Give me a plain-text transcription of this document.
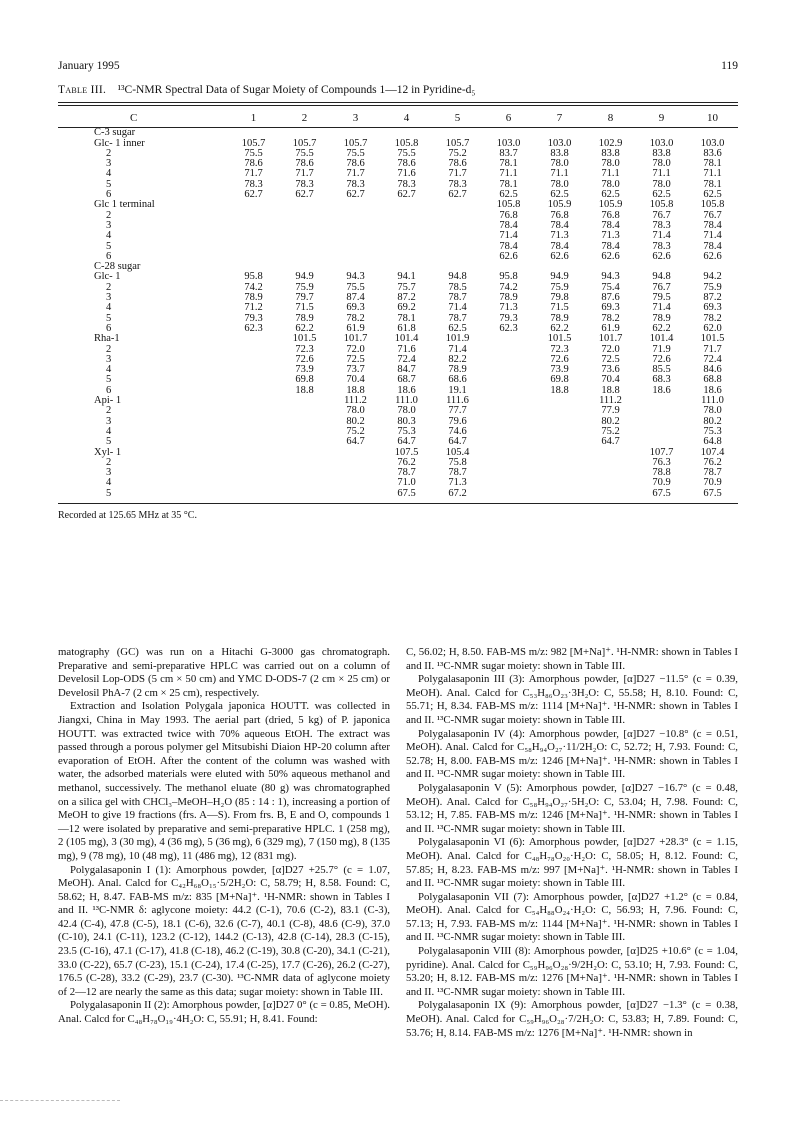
January 1995	119
Table III. ¹³C-NMR Spectral Data of Sugar Moiety of Compounds 1—12 in Pyridine-d₅
C	1	2	3	4	5	6	7	8	9	10
C-3 sugar										
Glc- 1 inner	105.7	105.7	105.7	105.8	105.7	103.0	103.0	102.9	103.0	103.0
2	75.5	75.5	75.5	75.5	75.2	83.7	83.8	83.8	83.8	83.6
3	78.6	78.6	78.6	78.6	78.6	78.1	78.0	78.0	78.0	78.1
4	71.7	71.7	71.7	71.6	71.7	71.1	71.1	71.1	71.1	71.1
5	78.3	78.3	78.3	78.3	78.3	78.1	78.0	78.0	78.0	78.1
6	62.7	62.7	62.7	62.7	62.7	62.5	62.5	62.5	62.5	62.5
Glc 1 terminal						105.8	105.9	105.9	105.8	105.8
2						76.8	76.8	76.8	76.7	76.7
3						78.4	78.4	78.4	78.3	78.4
4						71.4	71.3	71.3	71.4	71.4
5						78.4	78.4	78.4	78.3	78.4
6						62.6	62.6	62.6	62.6	62.6
C-28 sugar										
Glc- 1	95.8	94.9	94.3	94.1	94.8	95.8	94.9	94.3	94.8	94.2
2	74.2	75.9	75.5	75.7	78.5	74.2	75.9	75.4	76.7	75.9
3	78.9	79.7	87.4	87.2	78.7	78.9	79.8	87.6	79.5	87.2
4	71.2	71.5	69.3	69.2	71.4	71.3	71.5	69.3	71.4	69.3
5	79.3	78.9	78.2	78.1	78.7	79.3	78.9	78.2	78.9	78.2
6	62.3	62.2	61.9	61.8	62.5	62.3	62.2	61.9	62.2	62.0
Rha-1		101.5	101.7	101.4	101.9		101.5	101.7	101.4	101.5
2		72.3	72.0	71.6	71.4		72.3	72.0	71.9	71.7
3		72.6	72.5	72.4	82.2		72.6	72.5	72.6	72.4
4		73.9	73.7	84.7	78.9		73.9	73.6	85.5	84.6
5		69.8	70.4	68.7	68.6		69.8	70.4	68.3	68.8
6		18.8	18.8	18.6	19.1		18.8	18.8	18.6	18.6
Api- 1			111.2	111.0	111.6			111.2		111.0
2			78.0	78.0	77.7			77.9		78.0
3			80.2	80.3	79.6			80.2		80.2
4			75.2	75.3	74.6			75.2		75.3
5			64.7	64.7	64.7			64.7		64.8
Xyl- 1				107.5	105.4				107.7	107.4
2				76.2	75.8				76.3	76.2
3				78.7	78.7				78.8	78.7
4				71.0	71.3				70.9	70.9
5				67.5	67.2				67.5	67.5
Recorded at 125.65 MHz at 35 °C.

matography (GC) was run on a Hitachi G-3000 gas chromatograph. Preparative and semi-preparative HPLC was carried out on a column of Develosil Lop-ODS (5 cm × 50 cm) and YMC D-ODS-7 (2 cm × 25 cm) or Develosil PhA-7 (2 cm × 25 cm), respectively.

Extraction and Isolation Polygala japonica HOUTT. was collected in Jiangxi, China in May 1993. The aerial part (dried, 5 kg) of P. japonica HOUTT. was extracted twice with 70% aqueous EtOH. The extract was passed through a porous polymer gel Mitsubishi Diaion HP-20 column after evaporation of EtOH. After the content of the column was washed with water, the adsorbed materials were eluted with 50% aqueous methanol and methanol, successively. The methanol eluate (80 g) was chromatographed on a silica gel with CHCl₃–MeOH–H₂O (85 : 14 : 1), increasing a portion of MeOH to give 19 fractions (frs. A—S). From frs. B, E and O, compounds 1—12 were isolated by preparative and semi-preparative HPLC. 1 (258 mg), 2 (105 mg), 3 (30 mg), 4 (36 mg), 5 (36 mg), 6 (329 mg), 7 (150 mg), 8 (135 mg), 9 (78 mg), 10 (48 mg), 11 (486 mg), 12 (831 mg).

Polygalasaponin I (1): Amorphous powder, [α]D27 +25.7° (c = 1.07, MeOH). Anal. Calcd for C₄₂H₆₈O₁₅·5/2H₂O: C, 58.79; H, 8.58. Found: C, 58.62; H, 8.47. FAB-MS m/z: 835 [M+Na]⁺. ¹H-NMR: shown in Tables I and II. ¹³C-NMR δ: aglycone moiety: 44.2 (C-1), 70.6 (C-2), 83.1 (C-3), 42.4 (C-4), 47.8 (C-5), 18.1 (C-6), 32.6 (C-7), 40.1 (C-8), 48.6 (C-9), 37.0 (C-10), 24.1 (C-11), 123.2 (C-12), 144.2 (C-13), 42.8 (C-14), 28.3 (C-15), 23.5 (C-16), 47.1 (C-17), 41.8 (C-18), 46.2 (C-19), 30.8 (C-20), 34.1 (C-21), 33.0 (C-22), 65.7 (C-23), 15.1 (C-24), 17.4 (C-25), 17.7 (C-26), 26.2 (C-27), 176.5 (C-28), 33.2 (C-29), 23.7 (C-30). ¹³C-NMR data of aglycone moiety of 2—12 are nearly the same as this data; sugar moiety: shown in Table III.

Polygalasaponin II (2): Amorphous powder, [α]D27 0° (c = 0.85, MeOH). Anal. Calcd for C₄₈H₇₈O₁₉·4H₂O: C, 55.91; H, 8.41. Found:

C, 56.02; H, 8.50. FAB-MS m/z: 982 [M+Na]⁺. ¹H-NMR: shown in Tables I and II. ¹³C-NMR sugar moiety: shown in Table III.

Polygalasaponin III (3): Amorphous powder, [α]D27 −11.5° (c = 0.39, MeOH). Anal. Calcd for C₅₃H₈₆O₂₃·3H₂O: C, 55.58; H, 8.10. Found: C, 55.71; H, 8.34. FAB-MS m/z: 1114 [M+Na]⁺. ¹H-NMR: shown in Tables I and II. ¹³C-NMR sugar moiety: shown in Table III.

Polygalasaponin IV (4): Amorphous powder, [α]D27 −10.8° (c = 0.51, MeOH). Anal. Calcd for C₅₈H₉₄O₂₇·11/2H₂O: C, 52.72; H, 7.93. Found: C, 52.78; H, 8.00. FAB-MS m/z: 1246 [M+Na]⁺. ¹H-NMR: shown in Tables I and II. ¹³C-NMR sugar moiety: shown in Table III.

Polygalasaponin V (5): Amorphous powder, [α]D27 −16.7° (c = 0.48, MeOH). Anal. Calcd for C₅₈H₉₄O₂₇·5H₂O: C, 53.04; H, 7.98. Found: C, 53.12; H, 7.85. FAB-MS m/z: 1246 [M+Na]⁺. ¹H-NMR: shown in Tables I and II. ¹³C-NMR sugar moiety: shown in Table III.

Polygalasaponin VI (6): Amorphous powder, [α]D27 +28.3° (c = 1.15, MeOH). Anal. Calcd for C₄₈H₇₈O₂₀·H₂O: C, 58.05; H, 8.12. Found: C, 57.85; H, 8.23. FAB-MS m/z: 997 [M+Na]⁺. ¹H-NMR: shown in Tables I and II. ¹³C-NMR sugar moiety: shown in Table III.

Polygalasaponin VII (7): Amorphous powder, [α]D27 +1.2° (c = 0.84, MeOH). Anal. Calcd for C₅₄H₈₈O₂₄·H₂O: C, 56.93; H, 7.96. Found: C, 57.13; H, 7.93. FAB-MS m/z: 1144 [M+Na]⁺. ¹H-NMR: shown in Tables I and II. ¹³C-NMR sugar moiety: shown in Table III.

Polygalasaponin VIII (8): Amorphous powder, [α]D25 +10.6° (c = 1.04, pyridine). Anal. Calcd for C₅₉H₉₆O₂₈·9/2H₂O: C, 53.10; H, 7.93. Found: C, 53.20; H, 8.12. FAB-MS m/z: 1276 [M+Na]⁺. ¹H-NMR: shown in Tables I and II. ¹³C-NMR sugar moiety: shown in Table III.

Polygalasaponin IX (9): Amorphous powder, [α]D27 −1.3° (c = 0.38, MeOH). Anal. Calcd for C₅₉H₉₆O₂₈·7/2H₂O: C, 53.83; H, 7.89. Found: C, 53.76; H, 8.14. FAB-MS m/z: 1276 [M+Na]⁺. ¹H-NMR: shown in
